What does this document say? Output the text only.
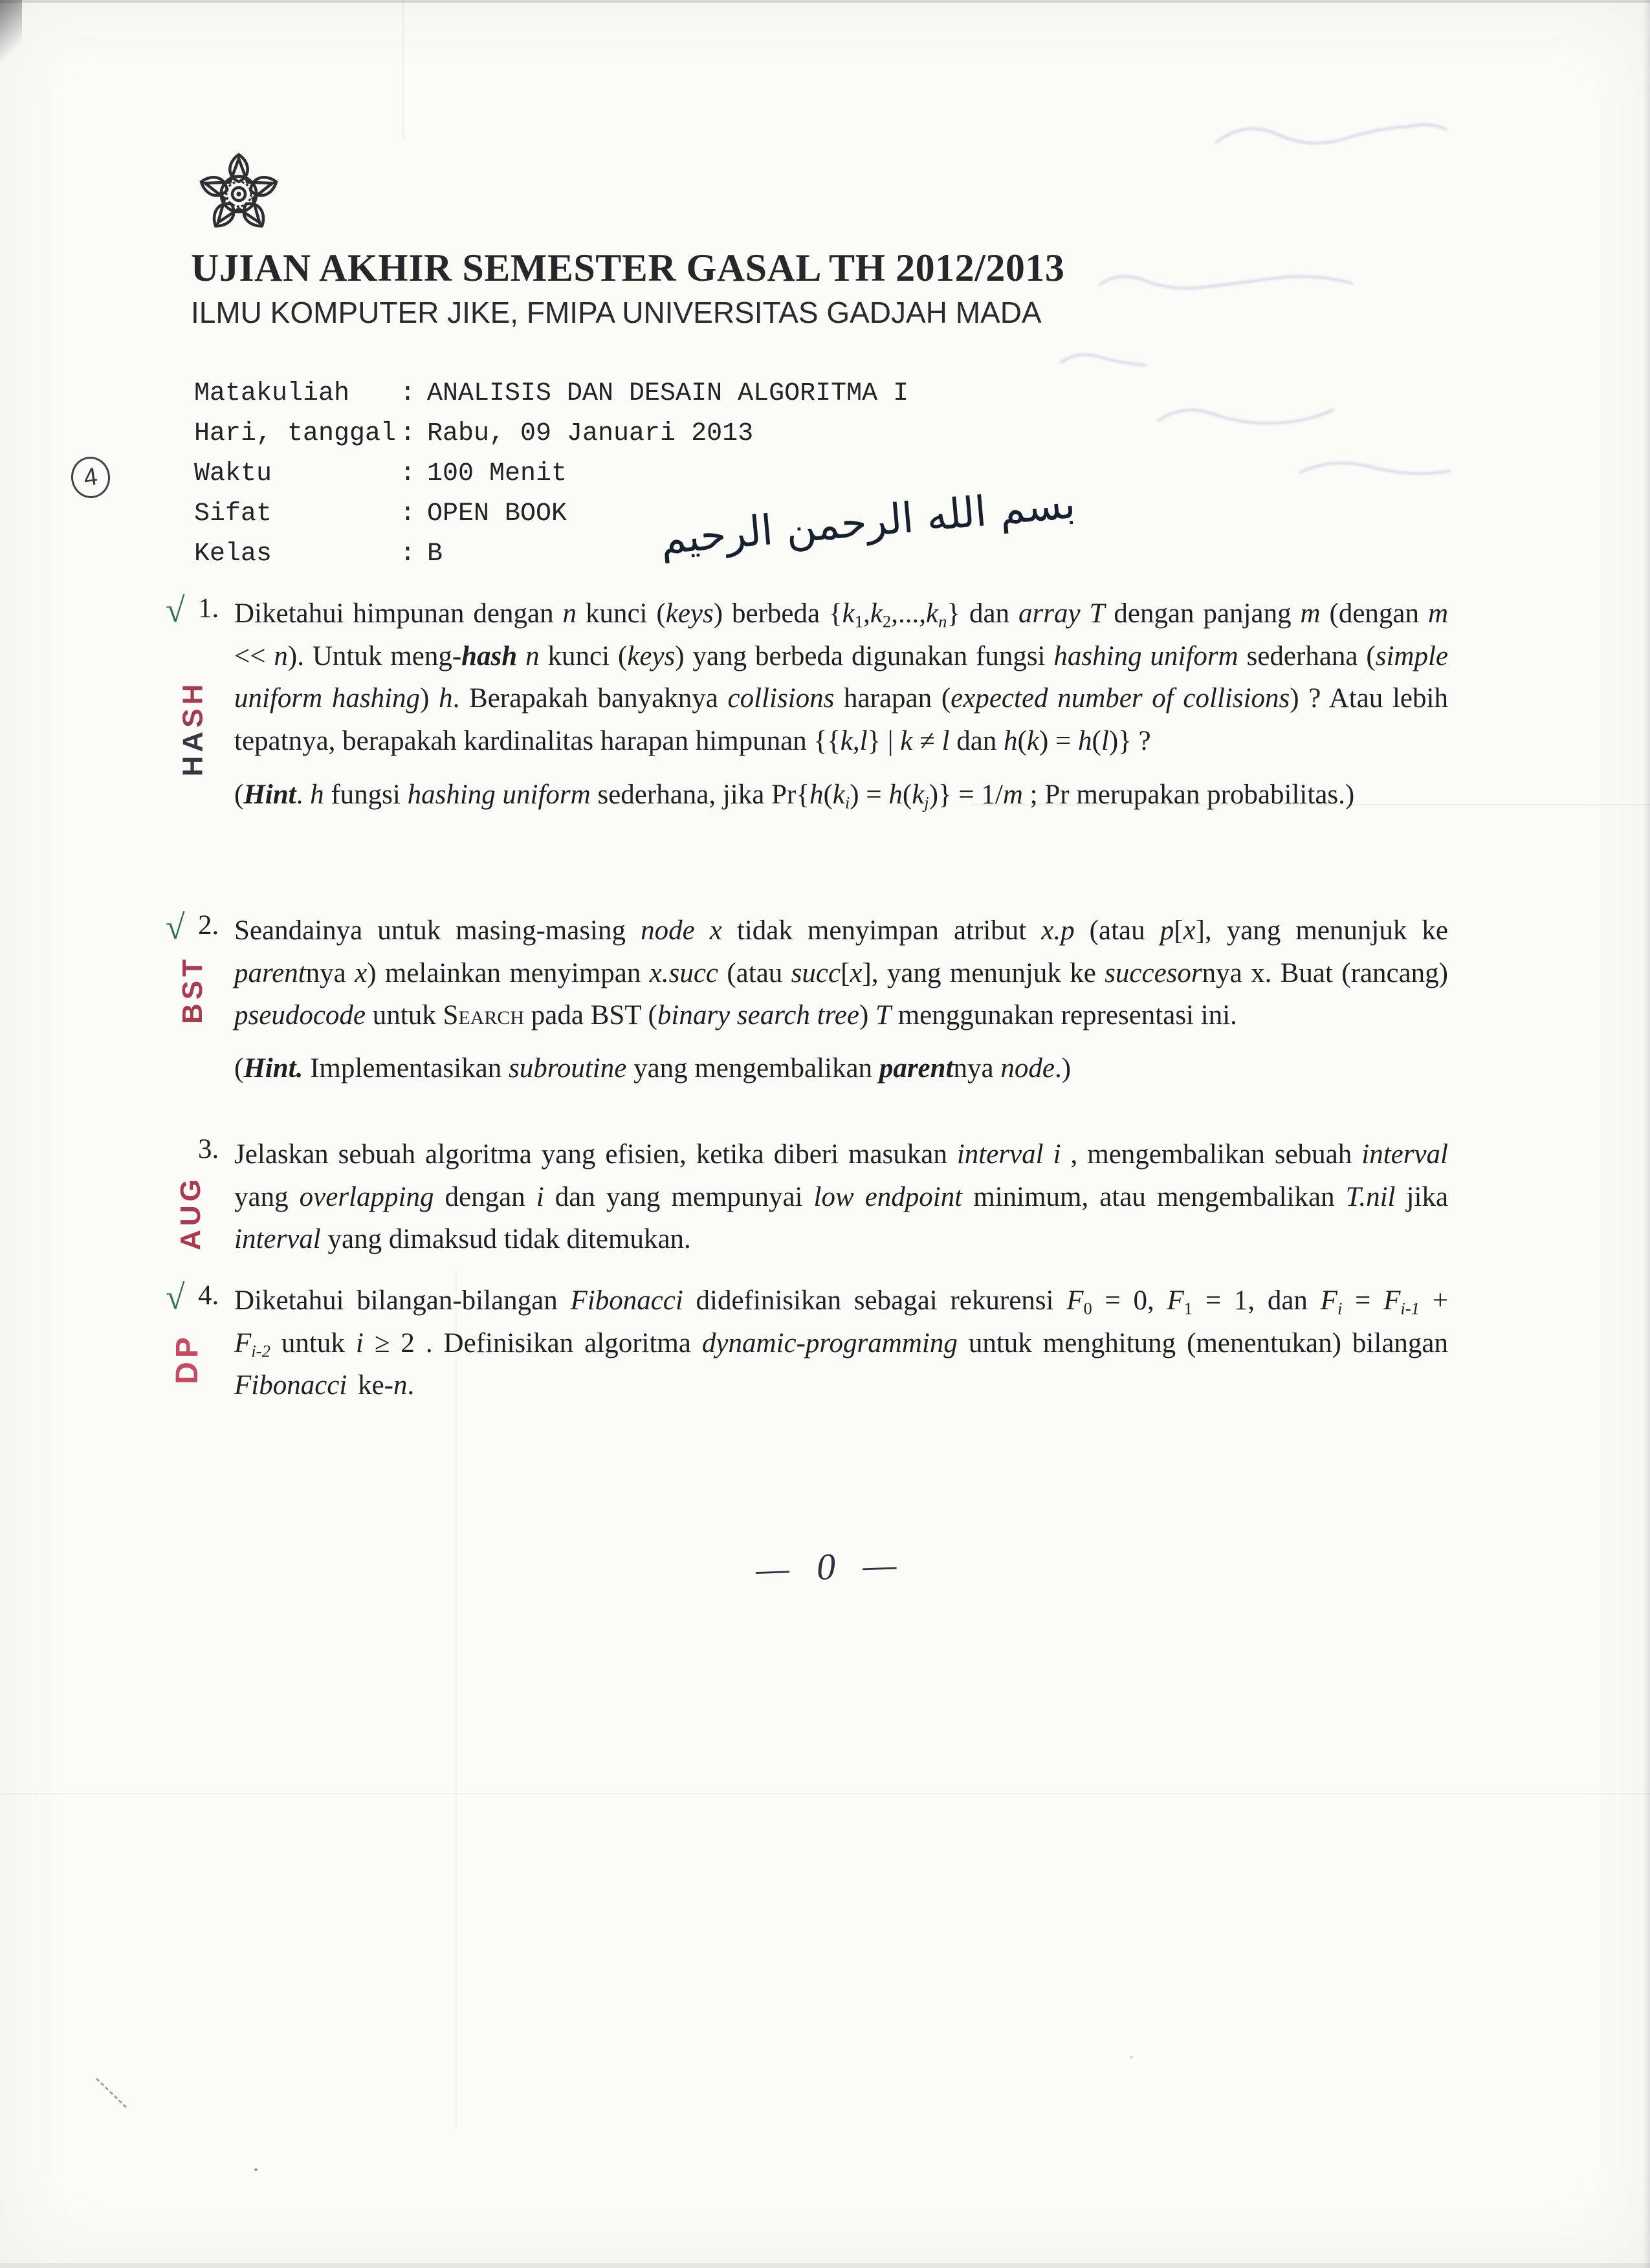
UJIAN AKHIR SEMESTER GASAL TH 2012/2013
ILMU KOMPUTER JIKE, FMIPA UNIVERSITAS GADJAH MADA
Matakuliah	: ANALISIS DAN DESAIN ALGORITMA I
Hari, tanggal : Rabu, 09 Januari 2013
Waktu	: 100 Menit
Sifat	: OPEN BOOK
Kelas	: B
4
بسم الله الرحمن الرحيم
— 0 —
HASH
BST
AUG
DP
√ 1. Diketahui himpunan dengan n kunci (keys) berbeda $\{k_1,k_2,...,k_n\}$ dan array T dengan panjang m (dengan m << n). Untuk meng-hash n kunci (keys) yang berbeda digunakan fungsi hashing uniform sederhana (simple uniform hashing) h. Berapakah banyaknya collisions harapan (expected number of collisions) ? Atau lebih tepatnya, berapakah kardinalitas harapan himpunan {{k,l} | k ≠ l dan h(k) = h(l)} ?

(Hint. h fungsi hashing uniform sederhana, jika $Pr\{h(k_i) = h(k_j)\} = 1/m$ ; Pr merupakan probabilitas.)

√ 2. Seandainya untuk masing-masing node x tidak menyimpan atribut x.p (atau p[x], yang menunjuk ke parentnya x) melainkan menyimpan x.succ (atau succ[x], yang menunjuk ke succesornya x. Buat (rancang) pseudocode untuk Search pada BST (binary search tree) T menggunakan representasi ini.

(Hint. Implementasikan subroutine yang mengembalikan parentnya node.)

3. Jelaskan sebuah algoritma yang efisien, ketika diberi masukan interval i , mengembalikan sebuah interval yang overlapping dengan i dan yang mempunyai low endpoint minimum, atau mengembalikan T.nil jika interval yang dimaksud tidak ditemukan.

√ 4. Diketahui bilangan-bilangan Fibonacci didefinisikan sebagai rekurensi $F_0 = 0$, $F_1 = 1$, dan $F_i = F_{i-1} + F_{i-2}$ untuk i ≥ 2 . Definisikan algoritma dynamic-programming untuk menghitung (menentukan) bilangan Fibonacci ke-n.
